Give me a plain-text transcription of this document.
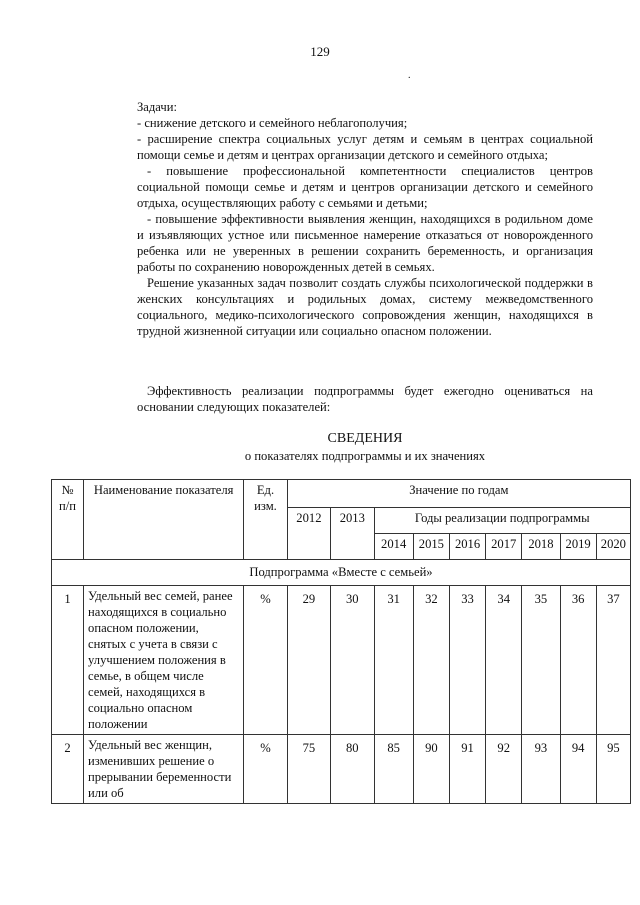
129
.

Задачи:

- снижение детского и семейного неблагополучия;

- расширение спектра социальных услуг детям и семьям в центрах социальной помощи семье и детям и центрах организации детского и семейного отдыха;

- повышение профессиональной компетентности специалистов центров социальной помощи семье и детям и центров организации детского и семейного отдыха, осуществляющих работу с семьями и детьми;

- повышение эффективности выявления женщин, находящихся в родильном доме и изъявляющих устное или письменное намерение отказаться от новорожденного ребенка или не уверенных в решении сохранить беременность, и организация работы по сохранению новорожденных детей в семьях.

Решение указанных задач позволит создать службы психологической поддержки в женских консультациях и родильных домах, систему межведомственного социального, медико-психологического сопровождения женщин, находящихся в трудной жизненной ситуации или социально опасном положении.

Эффективность реализации подпрограммы будет ежегодно оцениваться на основании следующих показателей:

СВЕДЕНИЯ
о показателях подпрограммы и их значениях
№ п/п	Наименование показателя	Ед. изм.	Значение по годам								
			2012	2013	Годы реализации подпрограммы						
					2014	2015	2016	2017	2018	2019	2020
Подпрограмма «Вместе с семьей»											
1	Удельный вес семей, ранее находящихся в социально опасном положении, снятых с учета в связи с улучшением положения в семье, в общем числе семей, находящихся в социально опасном положении	%	29	30	31	32	33	34	35	36	37
2	Удельный вес женщин, изменивших решение о прерывании беременности или об	%	75	80	85	90	91	92	93	94	95
